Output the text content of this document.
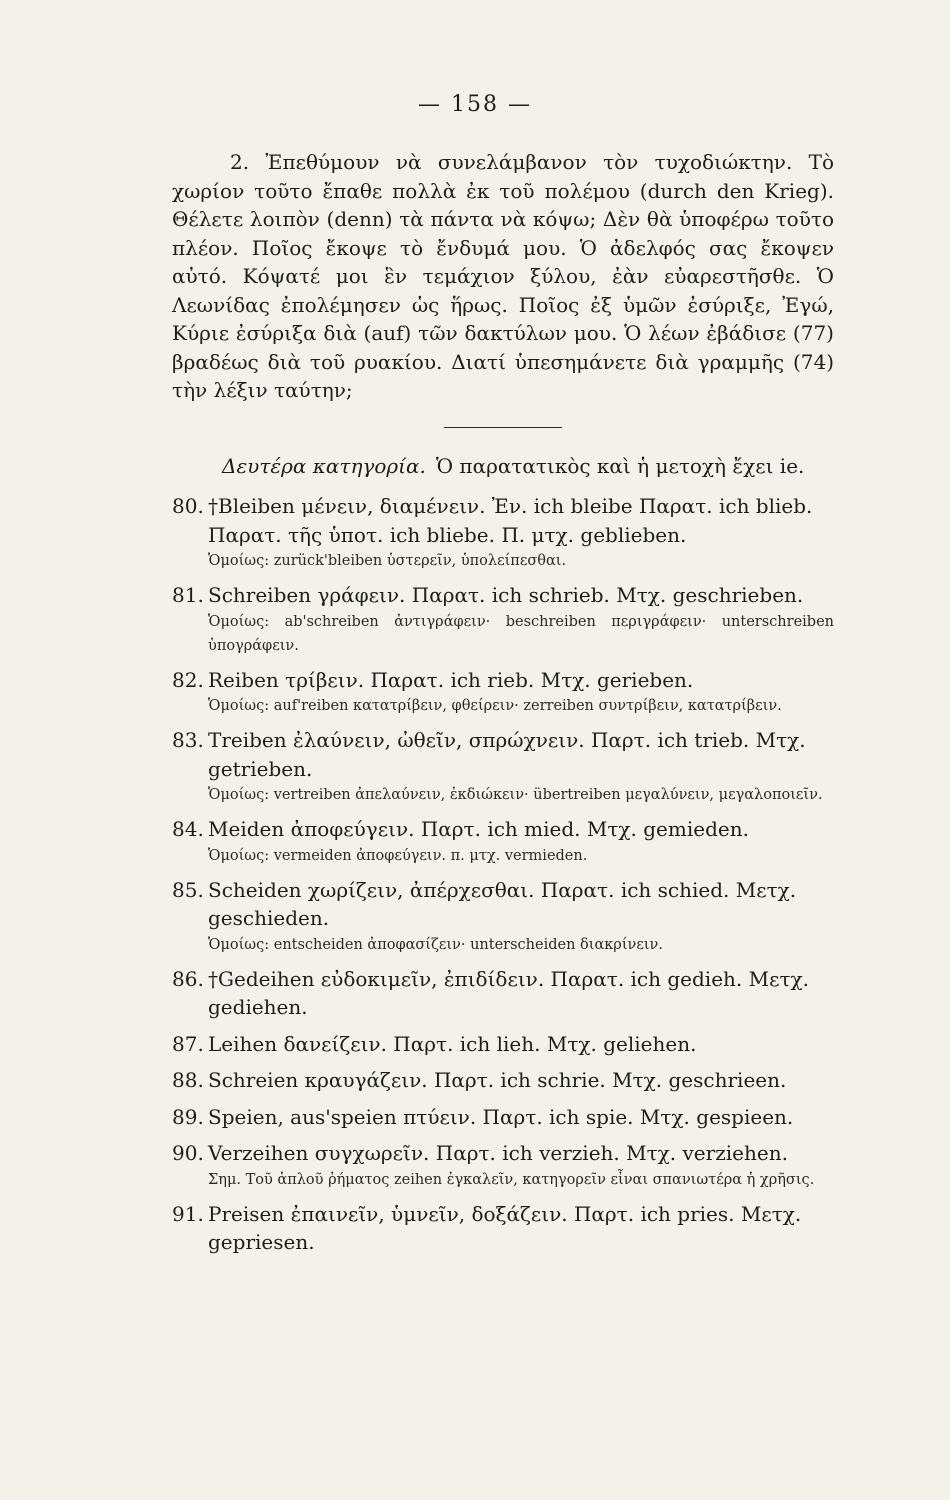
— 158 —

2. Ἐπεθύμουν νὰ συνελάμβανον τὸν τυχοδιώκτην. Τὸ χωρίον τοῦτο ἔπαθε πολλὰ ἐκ τοῦ πολέμου (durch den Krieg). Θέλετε λοιπὸν (denn) τὰ πάντα νὰ κόψω; Δὲν θὰ ὑποφέρω τοῦτο πλέον. Ποῖος ἔκοψε τὸ ἔνδυμά μου. Ὁ ἀδελφός σας ἔκοψεν αὐτό. Κόψατέ μοι ἓν τεμάχιον ξύλου, ἐὰν εὐαρεστῆσθε. Ὁ Λεωνίδας ἐπολέμησεν ὡς ἥρως. Ποῖος ἐξ ὑμῶν ἐσύριξε, Ἐγώ, Κύριε ἐσύριξα διὰ (auf) τῶν δακτύλων μου. Ὁ λέων ἐβάδισε (77) βραδέως διὰ τοῦ ρυακίου. Διατί ὑπεσημάνετε διὰ γραμμῆς (74) τὴν λέξιν ταύτην;

Δευτέρα κατηγορία. Ὁ παρατατικὸς καὶ ἡ μετοχὴ ἔχει ie.

80. †Bleiben μένειν, διαμένειν. Ἐν. ich bleibe Παρατ. ich blieb.
Παρατ. τῆς ὑποτ. ich bliebe. Π. μτχ. geblieben.
Ὁμοίως: zurück'bleiben ὑστερεῖν, ὑπολείπεσθαι.
81. Schreiben γράφειν. Παρατ. ich schrieb. Μτχ. geschrieben.
Ὁμοίως: ab'schreiben ἀντιγράφειν· beschreiben περιγράφειν· unterschreiben ὑπογράφειν.
82. Reiben τρίβειν. Παρατ. ich rieb. Μτχ. gerieben.
Ὁμοίως: auf'reiben κατατρίβειν, φθείρειν· zerreiben συντρίβειν, κατατρίβειν.
83. Treiben ἐλαύνειν, ὠθεῖν, σπρώχνειν. Παρτ. ich trieb. Μτχ.
getrieben.
Ὁμοίως: vertreiben ἀπελαύνειν, ἐκδιώκειν· übertreiben μεγαλύνειν, μεγαλοποιεῖν.
84. Meiden ἀποφεύγειν. Παρτ. ich mied. Μτχ. gemieden.
Ὁμοίως: vermeiden ἀποφεύγειν. π. μτχ. vermieden.
85. Scheiden χωρίζειν, ἀπέρχεσθαι. Παρατ. ich schied. Μετχ.
geschieden.
Ὁμοίως: entscheiden ἀποφασίζειν· unterscheiden διακρίνειν.
86. †Gedeihen εὐδοκιμεῖν, ἐπιδίδειν. Παρατ. ich gedieh. Μετχ.
gediehen.
87. Leihen δανείζειν. Παρτ. ich lieh. Μτχ. geliehen.
88. Schreien κραυγάζειν. Παρτ. ich schrie. Μτχ. geschrieen.
89. Speien, aus'speien πτύειν. Παρτ. ich spie. Μτχ. gespieen.
90. Verzeihen συγχωρεῖν. Παρτ. ich verzieh. Μτχ. verziehen.
Σημ. Τοῦ ἁπλοῦ ῥήματος zeihen ἐγκαλεῖν, κατηγορεῖν εἶναι σπανιωτέρα ἡ χρῆσις.
91. Preisen ἐπαινεῖν, ὑμνεῖν, δοξάζειν. Παρτ. ich pries. Μετχ.
gepriesen.
